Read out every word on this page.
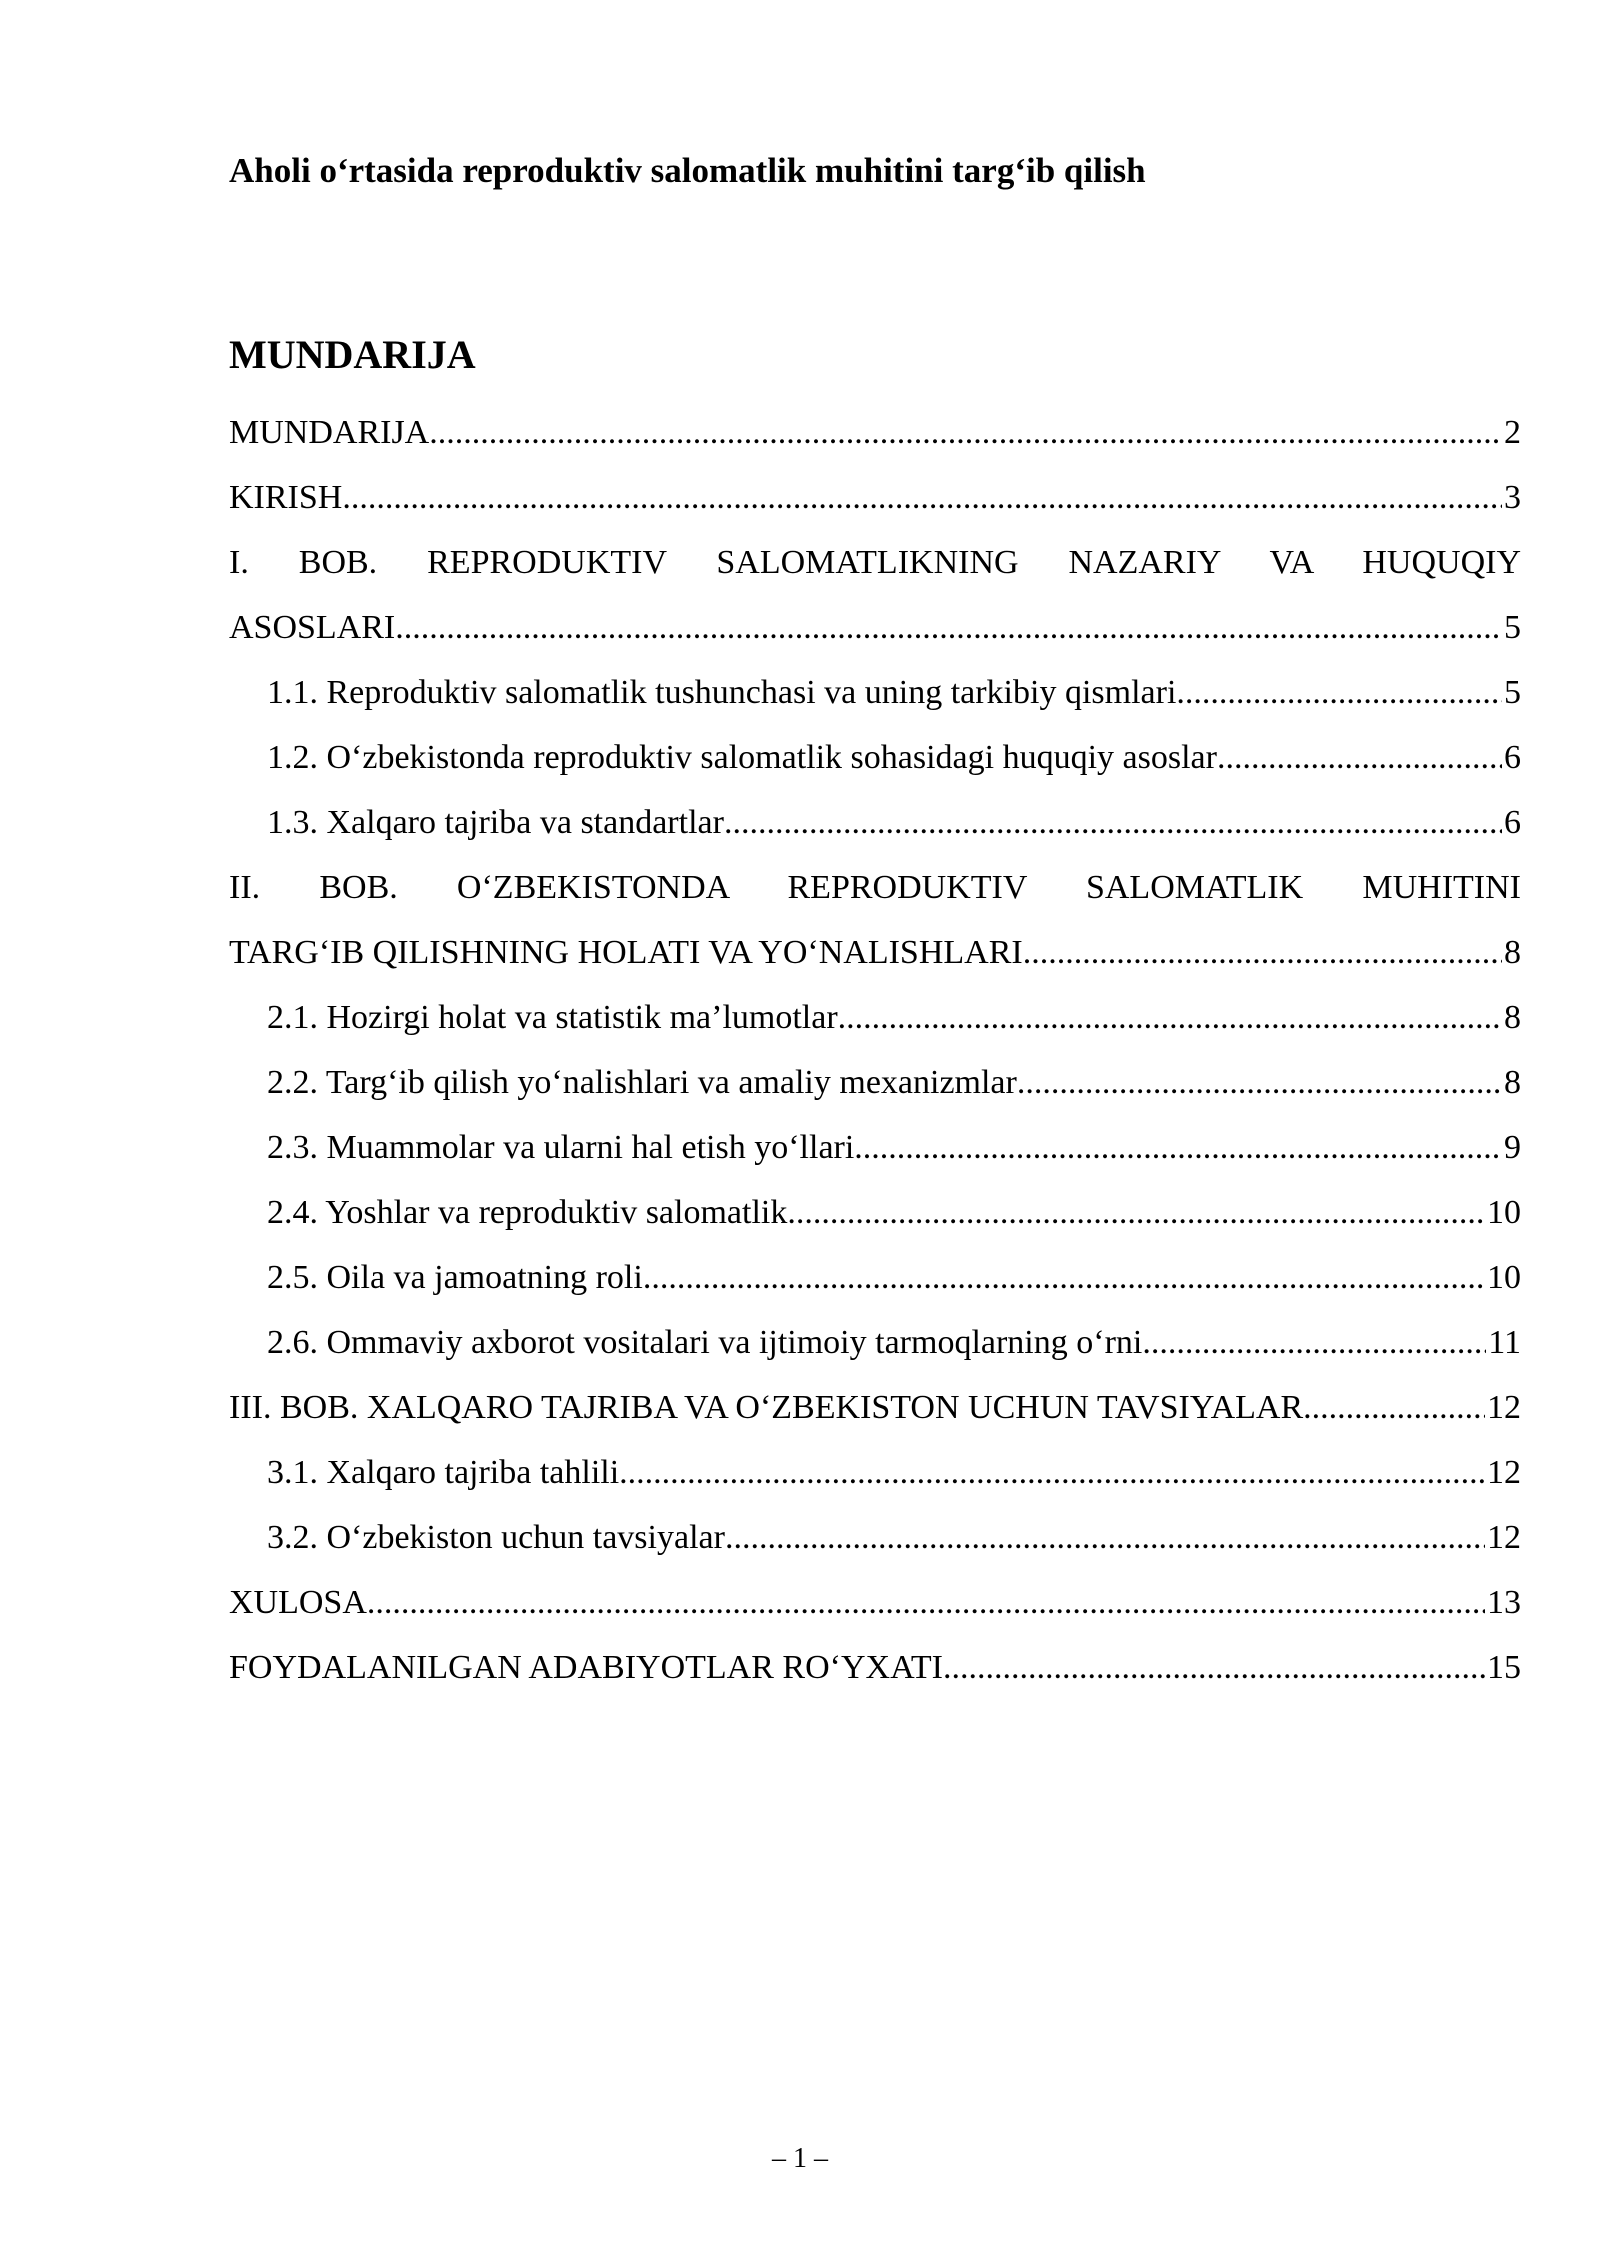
Aholi o‘rtasida reproduktiv salomatlik muhitini targ‘ib qilish
MUNDARIJA
MUNDARIJA .....	2
KIRISH .....	3
I. BOB. REPRODUKTIV SALOMATLIKNING NAZARIY VA HUQUQIY
ASOSLARI .....	5
1.1. Reproduktiv salomatlik tushunchasi va uning tarkibiy qismlari .....	5
1.2. O‘zbekistonda reproduktiv salomatlik sohasidagi huquqiy asoslar .....	6
1.3. Xalqaro tajriba va standartlar .....	6
II. BOB. O‘ZBEKISTONDA REPRODUKTIV SALOMATLIK MUHITINI
TARG‘IB QILISHNING HOLATI VA YO‘NALISHLARI .....	8
2.1. Hozirgi holat va statistik ma’lumotlar .....	8
2.2. Targ‘ib qilish yo‘nalishlari va amaliy mexanizmlar .....	8
2.3. Muammolar va ularni hal etish yo‘llari .....	9
2.4. Yoshlar va reproduktiv salomatlik .....	10
2.5. Oila va jamoatning roli .....	10
2.6. Ommaviy axborot vositalari va ijtimoiy tarmoqlarning o‘rni .....	11
III. BOB. XALQARO TAJRIBA VA O‘ZBEKISTON UCHUN TAVSIYALAR .....	12
3.1. Xalqaro tajriba tahlili .....	12
3.2. O‘zbekiston uchun tavsiyalar .....	12
XULOSA .....	13
FOYDALANILGAN ADABIYOTLAR RO‘YXATI .....	15
– 1 –
